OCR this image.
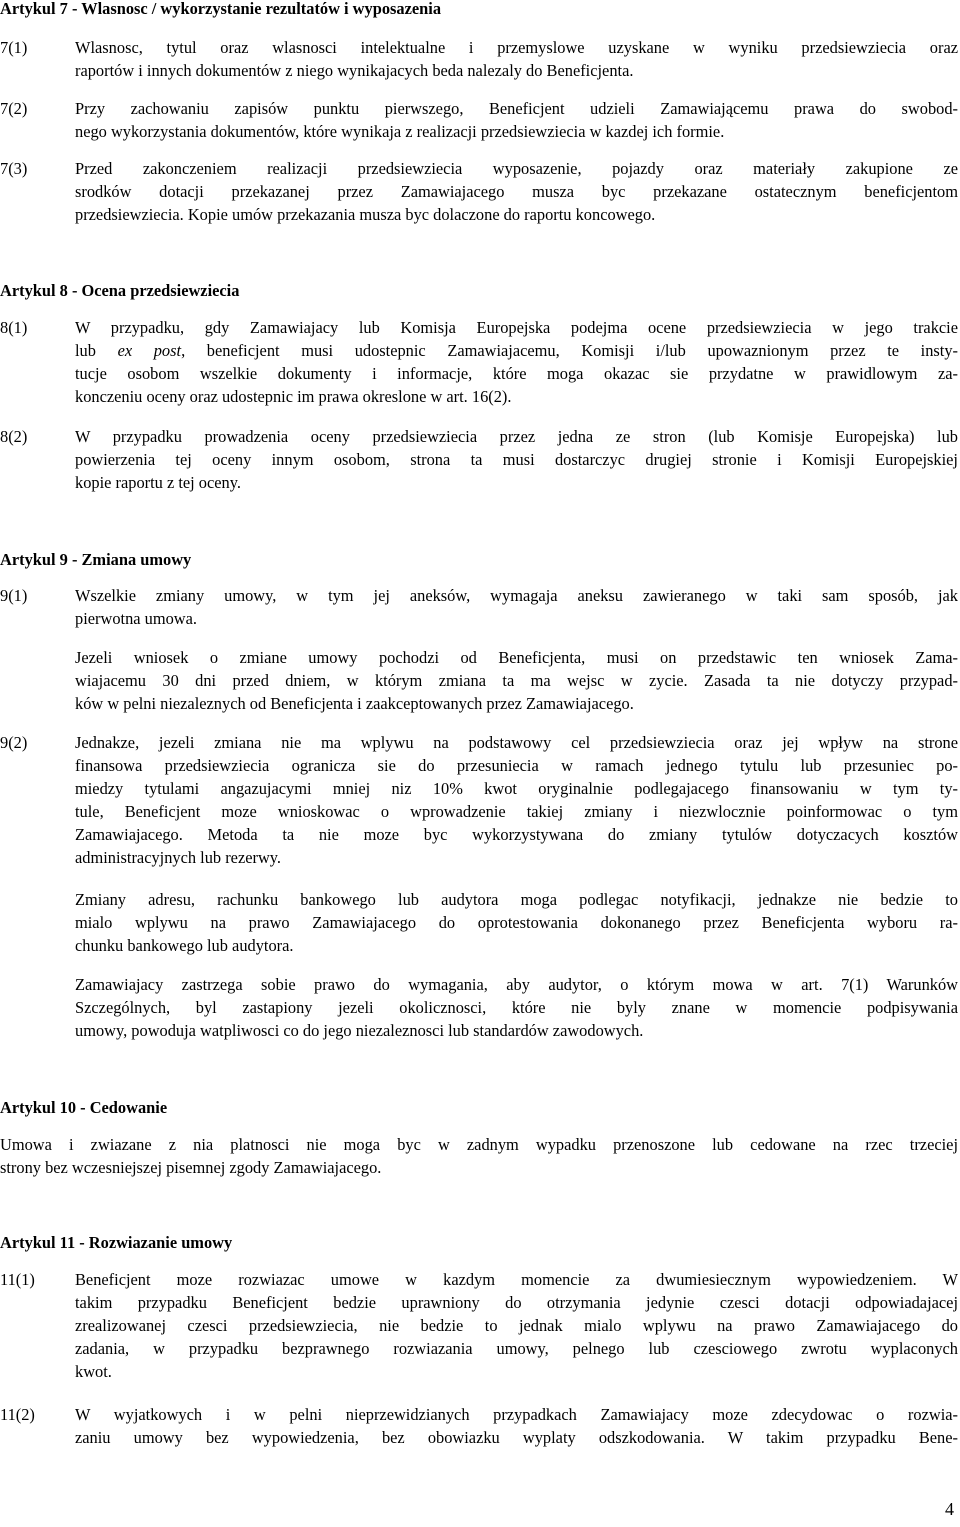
Artykul 7 - Wlasnosc / wykorzystanie rezultatów i wyposazenia
7(1)	Wlasnosc, tytul oraz wlasnosci intelektualne i przemyslowe uzyskane w wyniku przedsiewziecia oraz
raportów i innych dokumentów z niego wynikajacych beda nalezaly do Beneficjenta.
7(2)	Przy zachowaniu zapisów punktu pierwszego, Beneficjent udzieli Zamawiającemu prawa do swobod-
nego wykorzystania dokumentów, które wynikaja z realizacji przedsiewziecia w kazdej ich formie.
7(3)	Przed zakonczeniem realizacji przedsiewziecia wyposazenie, pojazdy oraz materiały zakupione ze
srodków dotacji przekazanej przez Zamawiajacego musza byc przekazane ostatecznym beneficjentom
przedsiewziecia. Kopie umów przekazania musza byc dolaczone do raportu koncowego.
Artykul 8 - Ocena przedsiewziecia
8(1)	W przypadku, gdy Zamawiajacy lub Komisja Europejska podejma ocene przedsiewziecia w jego trakcie
lub ex post, beneficjent musi udostepnic Zamawiajacemu, Komisji i/lub upowaznionym przez te insty-
tucje osobom wszelkie dokumenty i informacje, które moga okazac sie przydatne w prawidlowym za-
konczeniu oceny oraz udostepnic im prawa okreslone w art. 16(2).
8(2)	W przypadku prowadzenia oceny przedsiewziecia przez jedna ze stron (lub Komisje Europejska) lub
powierzenia tej oceny innym osobom, strona ta musi dostarczyc drugiej stronie i Komisji Europejskiej
kopie raportu z tej oceny.
Artykul 9 - Zmiana umowy
9(1)	Wszelkie zmiany umowy, w tym jej aneksów, wymagaja aneksu zawieranego w taki sam sposób, jak
pierwotna umowa.
Jezeli wniosek o zmiane umowy pochodzi od Beneficjenta, musi on przedstawic ten wniosek Zama-
wiajacemu 30 dni przed dniem, w którym zmiana ta ma wejsc w zycie. Zasada ta nie dotyczy przypad-
ków w pelni niezaleznych od Beneficjenta i zaakceptowanych przez Zamawiajacego.
9(2)	Jednakze, jezeli zmiana nie ma wplywu na podstawowy cel przedsiewziecia oraz jej wpływ na strone
finansowa przedsiewziecia ogranicza sie do przesuniecia w ramach jednego tytulu lub przesuniec po-
miedzy tytulami angazujacymi mniej niz 10% kwot oryginalnie podlegajacego finansowaniu w tym ty-
tule, Beneficjent moze wnioskowac o wprowadzenie takiej zmiany i niezwlocznie poinformowac o tym
Zamawiajacego. Metoda ta nie moze byc wykorzystywana do zmiany tytulów dotyczacych kosztów
administracyjnych lub rezerwy.
Zmiany adresu, rachunku bankowego lub audytora moga podlegac notyfikacji, jednakze nie bedzie to
mialo wplywu na prawo Zamawiajacego do oprotestowania dokonanego przez Beneficjenta wyboru ra-
chunku bankowego lub audytora.
Zamawiajacy zastrzega sobie prawo do wymagania, aby audytor, o którym mowa w art. 7(1) Warunków
Szczególnych, byl zastapiony jezeli okolicznosci, które nie byly znane w momencie podpisywania
umowy, powoduja watpliwosci co do jego niezaleznosci lub standardów zawodowych.
Artykul 10 - Cedowanie
Umowa i zwiazane z nia platnosci nie moga byc w zadnym wypadku przenoszone lub cedowane na rzec trzeciej
strony bez wczesniejszej pisemnej zgody Zamawiajacego.
Artykul 11 - Rozwiazanie umowy
11(1) Beneficjent moze rozwiazac umowe w kazdym momencie za dwumiesiecznym wypowiedzeniem. W
takim przypadku Beneficjent bedzie uprawniony do otrzymania jedynie czesci dotacji odpowiadajacej
zrealizowanej czesci przedsiewziecia, nie bedzie to jednak mialo wplywu na prawo Zamawiajacego do
zadania, w przypadku bezprawnego rozwiazania umowy, pelnego lub czesciowego zwrotu wyplaconych
kwot.
11(2) W wyjatkowych i w pelni nieprzewidzianych przypadkach Zamawiajacy moze zdecydowac o rozwia-
zaniu umowy bez wypowiedzenia, bez obowiazku wyplaty odszkodowania. W takim przypadku Bene-
4
